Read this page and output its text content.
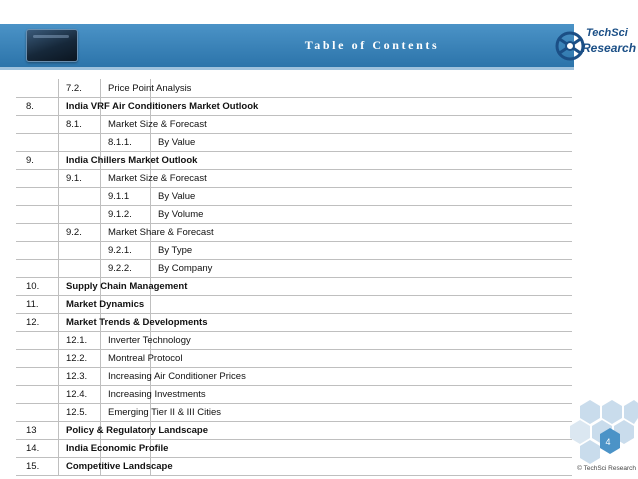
Table of Contents
TechSci
Research
7.2.	Price Point Analysis
8.	India VRF Air Conditioners Market Outlook
8.1.	Market Size & Forecast
8.1.1.	By Value
9.	India Chillers Market Outlook
9.1.	Market Size & Forecast
9.1.1	By Value
9.1.2.	By Volume
9.2.	Market Share & Forecast
9.2.1.	By Type
9.2.2.	By Company
10.	Supply Chain Management
11.	Market Dynamics
12.	Market Trends & Developments
12.1. Inverter Technology
12.2. Montreal Protocol
12.3. Increasing Air Conditioner Prices
12.4. Increasing Investments
12.5. Emerging Tier II & III Cities
13	Policy & Regulatory Landscape
14.	India Economic Profile
15.	Competitive Landscape
4
© TechSci Research
